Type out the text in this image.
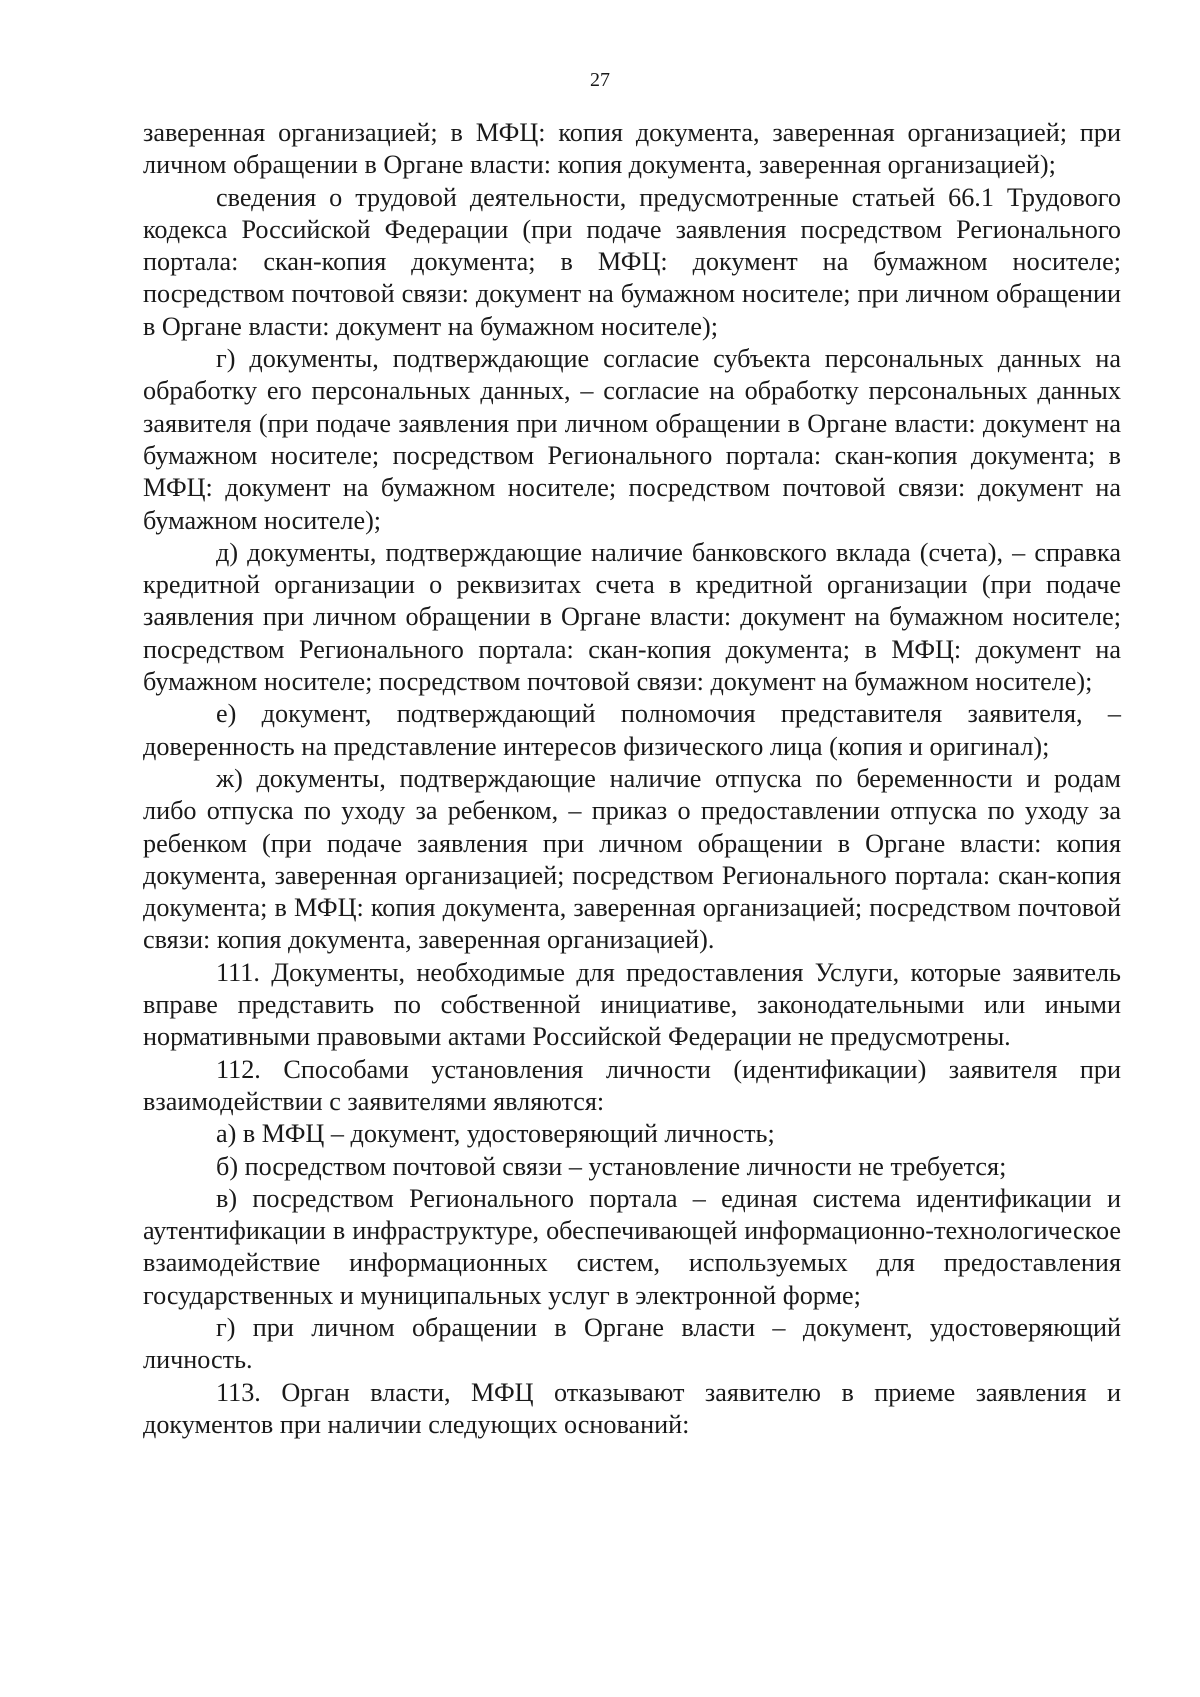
27

заверенная организацией; в МФЦ: копия документа, заверенная организацией; при личном обращении в Органе власти: копия документа, заверенная организацией);

сведения о трудовой деятельности, предусмотренные статьей 66.1 Трудового кодекса Российской Федерации (при подаче заявления посредством Регионального портала: скан-копия документа; в МФЦ: документ на бумажном носителе; посредством почтовой связи: документ на бумажном носителе; при личном обращении в Органе власти: документ на бумажном носителе);

г) документы, подтверждающие согласие субъекта персональных данных на обработку его персональных данных, – согласие на обработку персональных данных заявителя (при подаче заявления при личном обращении в Органе власти: документ на бумажном носителе; посредством Регионального портала: скан-копия документа; в МФЦ: документ на бумажном носителе; посредством почтовой связи: документ на бумажном носителе);

д) документы, подтверждающие наличие банковского вклада (счета), – справка кредитной организации о реквизитах счета в кредитной организации (при подаче заявления при личном обращении в Органе власти: документ на бумажном носителе; посредством Регионального портала: скан-копия документа; в МФЦ: документ на бумажном носителе; посредством почтовой связи: документ на бумажном носителе);

е) документ, подтверждающий полномочия представителя заявителя, – доверенность на представление интересов физического лица (копия и оригинал);

ж) документы, подтверждающие наличие отпуска по беременности и родам либо отпуска по уходу за ребенком, – приказ о предоставлении отпуска по уходу за ребенком (при подаче заявления при личном обращении в Органе власти: копия документа, заверенная организацией; посредством Регионального портала: скан-копия документа; в МФЦ: копия документа, заверенная организацией; посредством почтовой связи: копия документа, заверенная организацией).

111. Документы, необходимые для предоставления Услуги, которые заявитель вправе представить по собственной инициативе, законодательными или иными нормативными правовыми актами Российской Федерации не предусмотрены.

112. Способами установления личности (идентификации) заявителя при взаимодействии с заявителями являются:

а) в МФЦ – документ, удостоверяющий личность;

б) посредством почтовой связи – установление личности не требуется;

в) посредством Регионального портала – единая система идентификации и аутентификации в инфраструктуре, обеспечивающей информационно-технологическое взаимодействие информационных систем, используемых для предоставления государственных и муниципальных услуг в электронной форме;

г) при личном обращении в Органе власти – документ, удостоверяющий личность.

113. Орган власти, МФЦ отказывают заявителю в приеме заявления и документов при наличии следующих оснований:
